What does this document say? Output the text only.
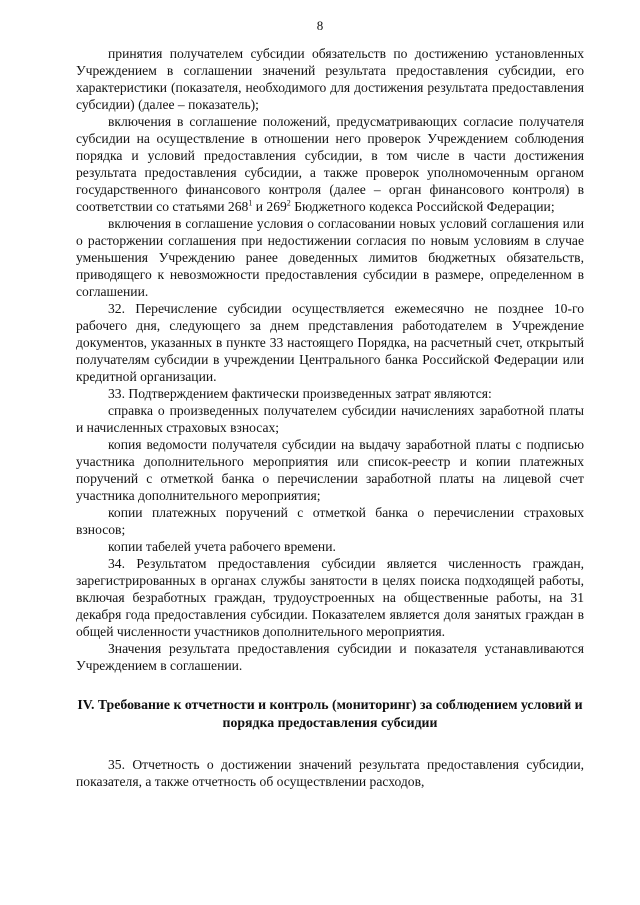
8

принятия получателем субсидии обязательств по достижению установленных Учреждением в соглашении значений результата предоставления субсидии, его характеристики (показателя, необходимого для достижения результата предоставления субсидии) (далее – показатель);

включения в соглашение положений, предусматривающих согласие получателя субсидии на осуществление в отношении него проверок Учреждением соблюдения порядка и условий предоставления субсидии, в том числе в части достижения результата предоставления субсидии, а также проверок уполномоченным органом государственного финансового контроля (далее – орган финансового контроля) в соответствии со статьями $268^1$ и $269^2$ Бюджетного кодекса Российской Федерации;

включения в соглашение условия о согласовании новых условий соглашения или о расторжении соглашения при недостижении согласия по новым условиям в случае уменьшения Учреждению ранее доведенных лимитов бюджетных обязательств, приводящего к невозможности предоставления субсидии в размере, определенном в соглашении.

32. Перечисление субсидии осуществляется ежемесячно не позднее 10-го рабочего дня, следующего за днем представления работодателем в Учреждение документов, указанных в пункте 33 настоящего Порядка, на расчетный счет, открытый получателям субсидии в учреждении Центрального банка Российской Федерации или кредитной организации.

33. Подтверждением фактически произведенных затрат являются:

справка о произведенных получателем субсидии начислениях заработной платы и начисленных страховых взносах;

копия ведомости получателя субсидии на выдачу заработной платы с подписью участника дополнительного мероприятия или список-реестр и копии платежных поручений с отметкой банка о перечислении заработной платы на лицевой счет участника дополнительного мероприятия;

копии платежных поручений с отметкой банка о перечислении страховых взносов;

копии табелей учета рабочего времени.

34. Результатом предоставления субсидии является численность граждан, зарегистрированных в органах службы занятости в целях поиска подходящей работы, включая безработных граждан, трудоустроенных на общественные работы, на 31 декабря года предоставления субсидии. Показателем является доля занятых граждан в общей численности участников дополнительного мероприятия.

Значения результата предоставления субсидии и показателя устанавливаются Учреждением в соглашении.

IV. Требование к отчетности и контроль (мониторинг) за соблюдением условий и порядка предоставления субсидии

35. Отчетность о достижении значений результата предоставления субсидии, показателя, а также отчетность об осуществлении расходов,
